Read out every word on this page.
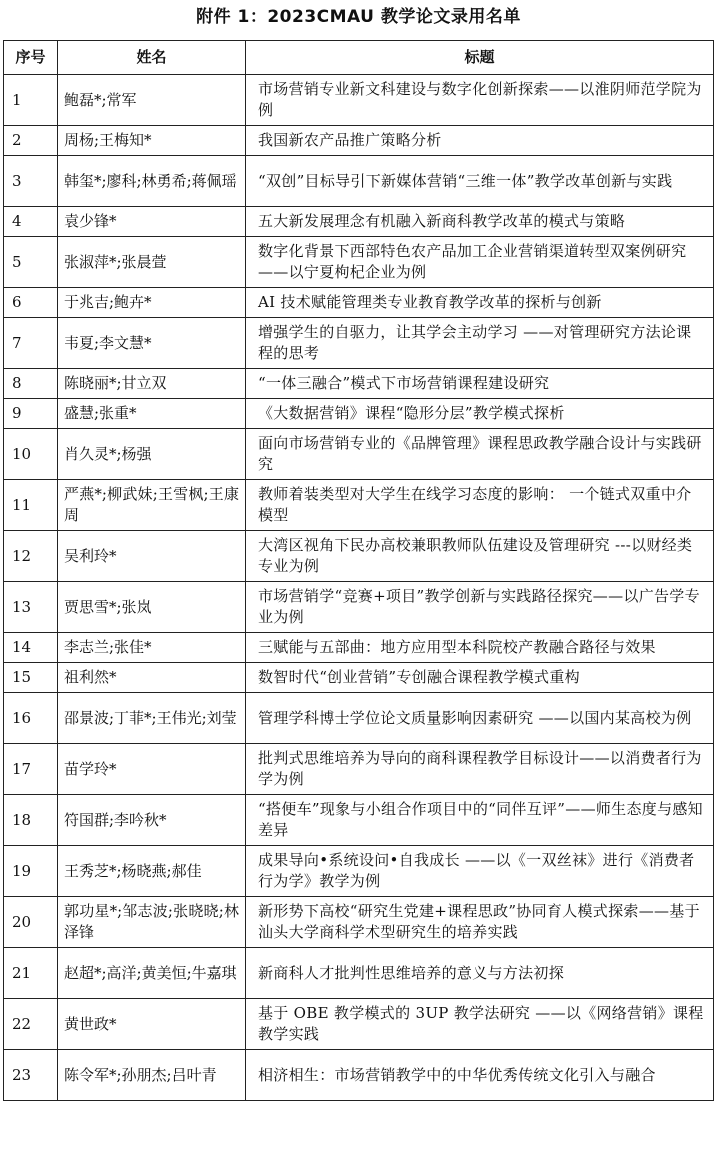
附件 1：2023CMAU 教学论文录用名单
序号	姓名	标题
1	鲍磊*;常军	市场营销专业新文科建设与数字化创新探索——以淮阴师范学院为例
2	周杨;王梅知*	我国新农产品推广策略分析
3	韩玺*;廖科;林勇希;蒋佩瑶	“双创”目标导引下新媒体营销“三维一体”教学改革创新与实践
4	袁少锋*	五大新发展理念有机融入新商科教学改革的模式与策略
5	张淑萍*;张晨萱	数字化背景下西部特色农产品加工企业营销渠道转型双案例研究——以宁夏枸杞企业为例
6	于兆吉;鲍卉*	AI 技术赋能管理类专业教育教学改革的探析与创新
7	韦夏;李文慧*	增强学生的自驱力，让其学会主动学习 ——对管理研究方法论课程的思考
8	陈晓丽*;甘立双	“一体三融合”模式下市场营销课程建设研究
9	盛慧;张重*	《大数据营销》课程“隐形分层”教学模式探析
10	肖久灵*;杨强	面向市场营销专业的《品牌管理》课程思政教学融合设计与实践研究
11	严燕*;柳武妹;王雪枫;王康周	教师着装类型对大学生在线学习态度的影响： 一个链式双重中介模型
12	吴利玲*	大湾区视角下民办高校兼职教师队伍建设及管理研究 ---以财经类专业为例
13	贾思雪*;张岚	市场营销学“竞赛+项目”教学创新与实践路径探究——以广告学专业为例
14	李志兰;张佳*	三赋能与五部曲：地方应用型本科院校产教融合路径与效果
15	祖利然*	数智时代“创业营销”专创融合课程教学模式重构
16	邵景波;丁菲*;王伟光;刘莹	管理学科博士学位论文质量影响因素研究 ——以国内某高校为例
17	苗学玲*	批判式思维培养为导向的商科课程教学目标设计——以消费者行为学为例
18	符国群;李吟秋*	“搭便车”现象与小组合作项目中的“同伴互评”——师生态度与感知差异
19	王秀芝*;杨晓燕;郝佳	成果导向•系统设问•自我成长 ——以《一双丝袜》进行《消费者行为学》教学为例
20	郭功星*;邹志波;张晓晓;林泽锋	新形势下高校“研究生党建+课程思政”协同育人模式探索——基于汕头大学商科学术型研究生的培养实践
21	赵超*;高洋;黄美恒;牛嘉琪	新商科人才批判性思维培养的意义与方法初探
22	黄世政*	基于 OBE 教学模式的 3UP 教学法研究 ——以《网络营销》课程教学实践
23	陈令军*;孙朋杰;吕叶青	相济相生：市场营销教学中的中华优秀传统文化引入与融合
